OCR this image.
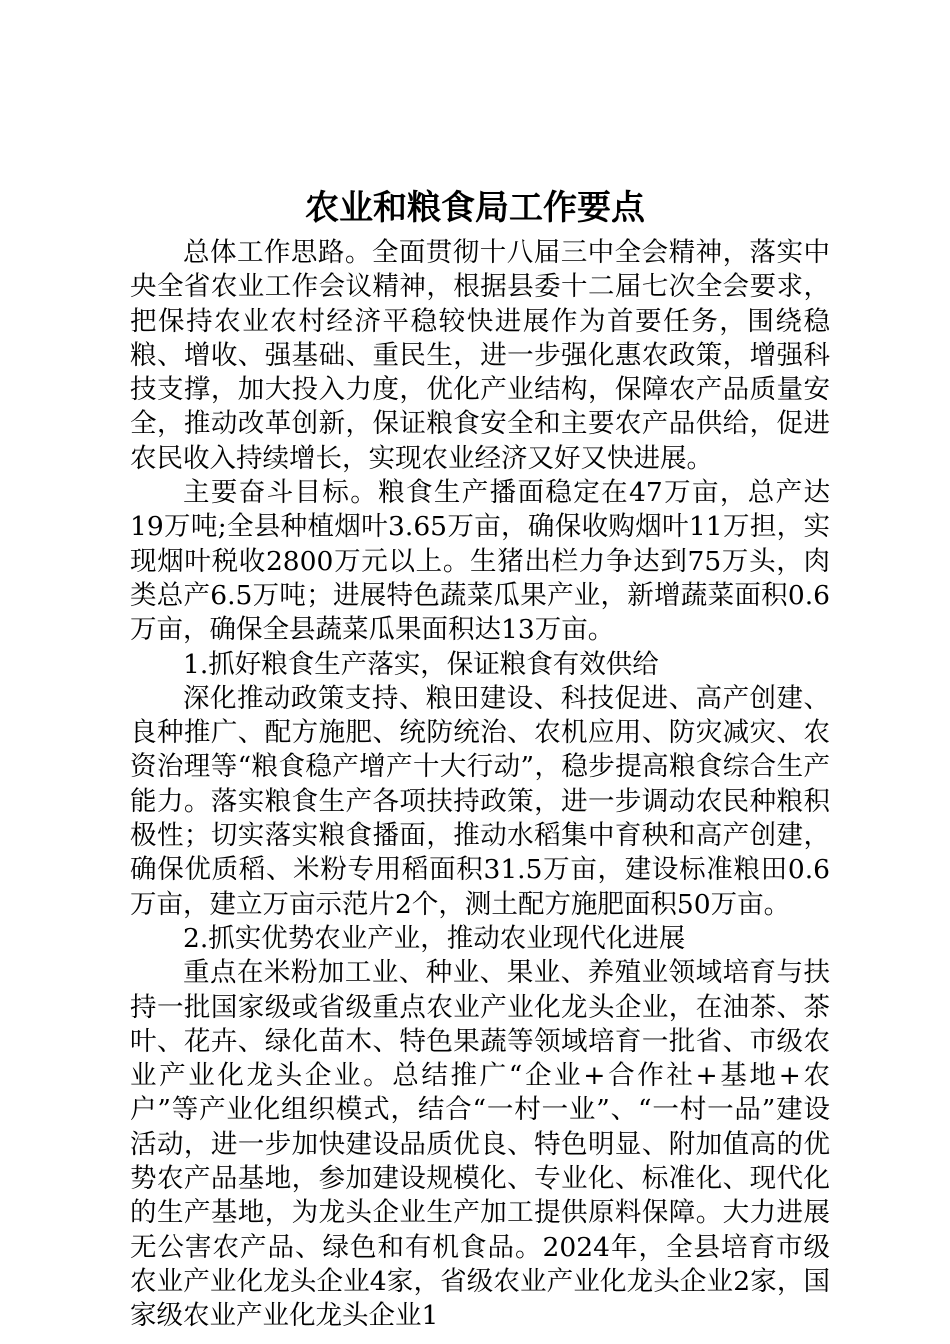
农业和粮食局工作要点

总体工作思路。全面贯彻十八届三中全会精神，落实中央全省农业工作会议精神，根据县委十二届七次全会要求，把保持农业农村经济平稳较快进展作为首要任务，围绕稳粮、增收、强基础、重民生，进一步强化惠农政策，增强科技支撑，加大投入力度，优化产业结构，保障农产品质量安全，推动改革创新，保证粮食安全和主要农产品供给，促进农民收入持续增长，实现农业经济又好又快进展。

主要奋斗目标。粮食生产播面稳定在47万亩，总产达19万吨;全县种植烟叶3.65万亩，确保收购烟叶11万担，实现烟叶税收2800万元以上。生猪出栏力争达到75万头，肉类总产6.5万吨；进展特色蔬菜瓜果产业，新增蔬菜面积0.6万亩，确保全县蔬菜瓜果面积达13万亩。

1.抓好粮食生产落实，保证粮食有效供给

深化推动政策支持、粮田建设、科技促进、高产创建、良种推广、配方施肥、统防统治、农机应用、防灾减灾、农资治理等“粮食稳产增产十大行动”，稳步提高粮食综合生产能力。落实粮食生产各项扶持政策，进一步调动农民种粮积极性；切实落实粮食播面，推动水稻集中育秧和高产创建，确保优质稻、米粉专用稻面积31.5万亩，建设标准粮田0.6万亩，建立万亩示范片2个，测土配方施肥面积50万亩。

2.抓实优势农业产业，推动农业现代化进展

重点在米粉加工业、种业、果业、养殖业领域培育与扶持一批国家级或省级重点农业产业化龙头企业，在油茶、茶叶、花卉、绿化苗木、特色果蔬等领域培育一批省、市级农业产业化龙头企业。总结推广“企业+合作社+基地+农户”等产业化组织模式，结合“一村一业”、“一村一品”建设活动，进一步加快建设品质优良、特色明显、附加值高的优势农产品基地，参加建设规模化、专业化、标准化、现代化的生产基地，为龙头企业生产加工提供原料保障。大力进展无公害农产品、绿色和有机食品。2024年，全县培育市级农业产业化龙头企业4家，省级农业产业化龙头企业2家，国家级农业产业化龙头企业1
